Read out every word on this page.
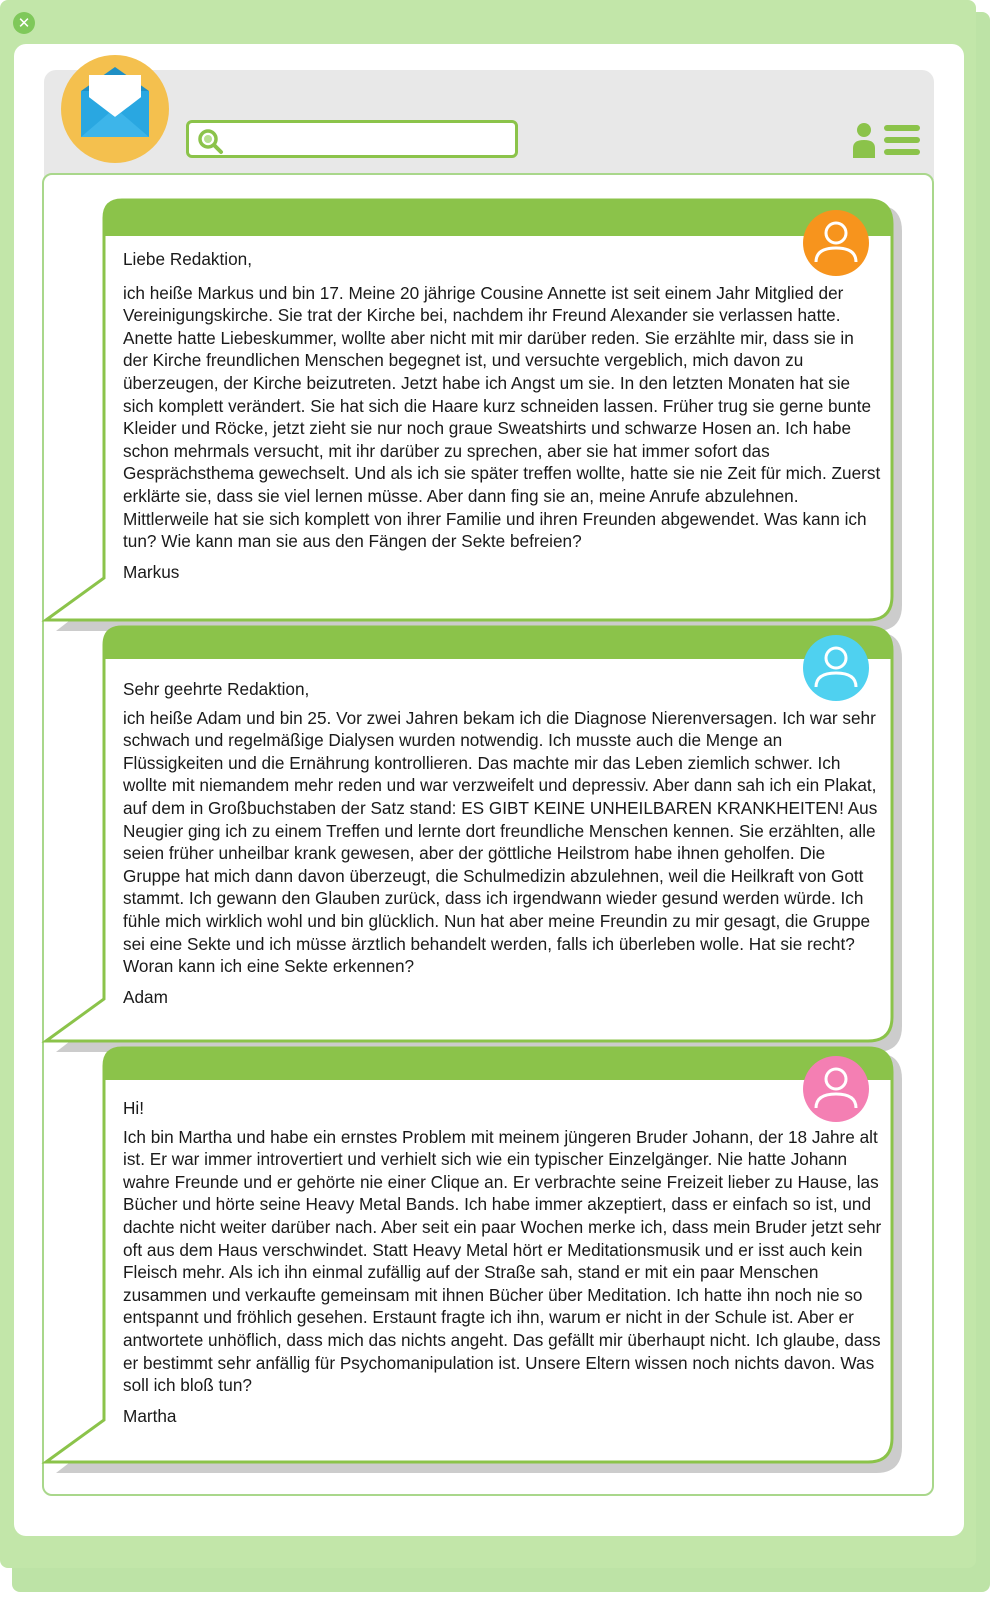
✕

Liebe Redaktion,

ich heiße Markus und bin 17. Meine 20 jährige Cousine Annette ist seit einem Jahr Mitglied der Vereinigungskirche. Sie trat der Kirche bei, nachdem ihr Freund Alexander sie verlassen hatte. Anette hatte Liebeskummer, wollte aber nicht mit mir darüber reden. Sie erzählte mir, dass sie in der Kirche freundlichen Menschen begegnet ist, und versuchte vergeblich, mich davon zu überzeugen, der Kirche beizutreten. Jetzt habe ich Angst um sie. In den letzten Monaten hat sie sich komplett verändert. Sie hat sich die Haare kurz schneiden lassen. Früher trug sie gerne bunte Kleider und Röcke, jetzt zieht sie nur noch graue Sweatshirts und schwarze Hosen an. Ich habe schon mehrmals versucht, mit ihr darüber zu sprechen, aber sie hat immer sofort das Gesprächsthema gewechselt. Und als ich sie später treffen wollte, hatte sie nie Zeit für mich. Zuerst erklärte sie, dass sie viel lernen müsse. Aber dann fing sie an, meine Anrufe abzulehnen. Mittlerweile hat sie sich komplett von ihrer Familie und ihren Freunden abgewendet. Was kann ich tun? Wie kann man sie aus den Fängen der Sekte befreien?

Markus

Sehr geehrte Redaktion,

ich heiße Adam und bin 25. Vor zwei Jahren bekam ich die Diagnose Nierenversagen. Ich war sehr schwach und regelmäßige Dialysen wurden notwendig. Ich musste auch die Menge an Flüssigkeiten und die Ernährung kontrollieren. Das machte mir das Leben ziemlich schwer. Ich wollte mit niemandem mehr reden und war verzweifelt und depressiv. Aber dann sah ich ein Plakat, auf dem in Großbuchstaben der Satz stand: ES GIBT KEINE UNHEILBAREN KRANKHEITEN! Aus Neugier ging ich zu einem Treffen und lernte dort freundliche Menschen kennen. Sie erzählten, alle seien früher unheilbar krank gewesen, aber der göttliche Heilstrom habe ihnen geholfen. Die Gruppe hat mich dann davon überzeugt, die Schulmedizin abzulehnen, weil die Heilkraft von Gott stammt. Ich gewann den Glauben zurück, dass ich irgendwann wieder gesund werden würde. Ich fühle mich wirklich wohl und bin glücklich. Nun hat aber meine Freundin zu mir gesagt, die Gruppe sei eine Sekte und ich müsse ärztlich behandelt werden, falls ich überleben wolle. Hat sie recht? Woran kann ich eine Sekte erkennen?

Adam

Hi!

Ich bin Martha und habe ein ernstes Problem mit meinem jüngeren Bruder Johann, der 18 Jahre alt ist. Er war immer introvertiert und verhielt sich wie ein typischer Einzelgänger. Nie hatte Johann wahre Freunde und er gehörte nie einer Clique an. Er verbrachte seine Freizeit lieber zu Hause, las Bücher und hörte seine Heavy Metal Bands. Ich habe immer akzeptiert, dass er einfach so ist, und dachte nicht weiter darüber nach. Aber seit ein paar Wochen merke ich, dass mein Bruder jetzt sehr oft aus dem Haus verschwindet. Statt Heavy Metal hört er Meditationsmusik und er isst auch kein Fleisch mehr. Als ich ihn einmal zufällig auf der Straße sah, stand er mit ein paar Menschen zusammen und verkaufte gemeinsam mit ihnen Bücher über Meditation. Ich hatte ihn noch nie so entspannt und fröhlich gesehen. Erstaunt fragte ich ihn, warum er nicht in der Schule ist. Aber er antwortete unhöflich, dass mich das nichts angeht. Das gefällt mir überhaupt nicht. Ich glaube, dass er bestimmt sehr anfällig für Psychomanipulation ist. Unsere Eltern wissen noch nichts davon. Was soll ich bloß tun?

Martha
